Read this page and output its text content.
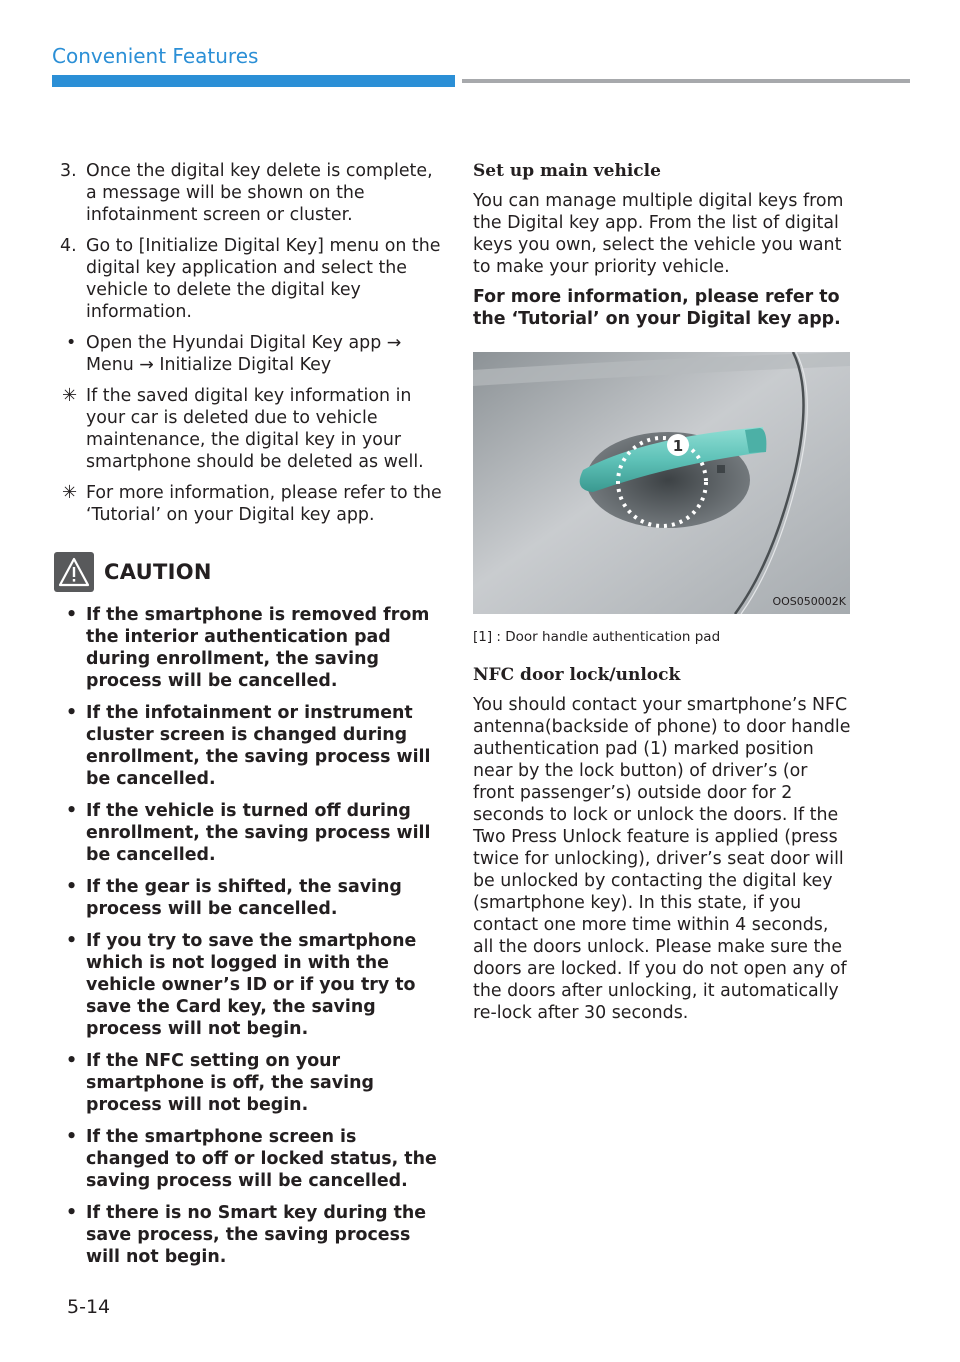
Convenient Features
3. Once the digital key delete is complete, a message will be shown on the infotainment screen or cluster.
4. Go to [Initialize Digital Key] menu on the digital key application and select the vehicle to delete the digital key information.
• Open the Hyundai Digital Key app → Menu → Initialize Digital Key
✳ If the saved digital key information in your car is deleted due to vehicle maintenance, the digital key in your smartphone should be deleted as well.
✳ For more information, please refer to the ‘Tutorial’ on your Digital key app.
CAUTION
• If the smartphone is removed from the interior authentication pad during enrollment, the saving process will be cancelled.
• If the infotainment or instrument cluster screen is changed during enrollment, the saving process will be cancelled.
• If the vehicle is turned off during enrollment, the saving process will be cancelled.
• If the gear is shifted, the saving process will be cancelled.
• If you try to save the smartphone which is not logged in with the vehicle owner’s ID or if you try to save the Card key, the saving process will not begin.
• If the NFC setting on your smartphone is off, the saving process will not begin.
• If the smartphone screen is changed to off or locked status, the saving process will be cancelled.
• If there is no Smart key during the save process, the saving process will not begin.
Set up main vehicle
You can manage multiple digital keys from the Digital key app. From the list of digital keys you own, select the vehicle you want to make your priority vehicle.
For more information, please refer to the ‘Tutorial’ on your Digital key app.
1
OOS050002K
[1] : Door handle authentication pad
NFC door lock/unlock
You should contact your smartphone’s NFC antenna(backside of phone) to door handle authentication pad (1) marked position near by the lock button) of driver’s (or front passenger’s) outside door for 2 seconds to lock or unlock the doors. If the Two Press Unlock feature is applied (press twice for unlocking), driver’s seat door will be unlocked by contacting the digital key (smartphone key). In this state, if you contact one more time within 4 seconds, all the doors unlock. Please make sure the doors are locked. If you do not open any of the doors after unlocking, it automatically re-lock after 30 seconds.
5-14
